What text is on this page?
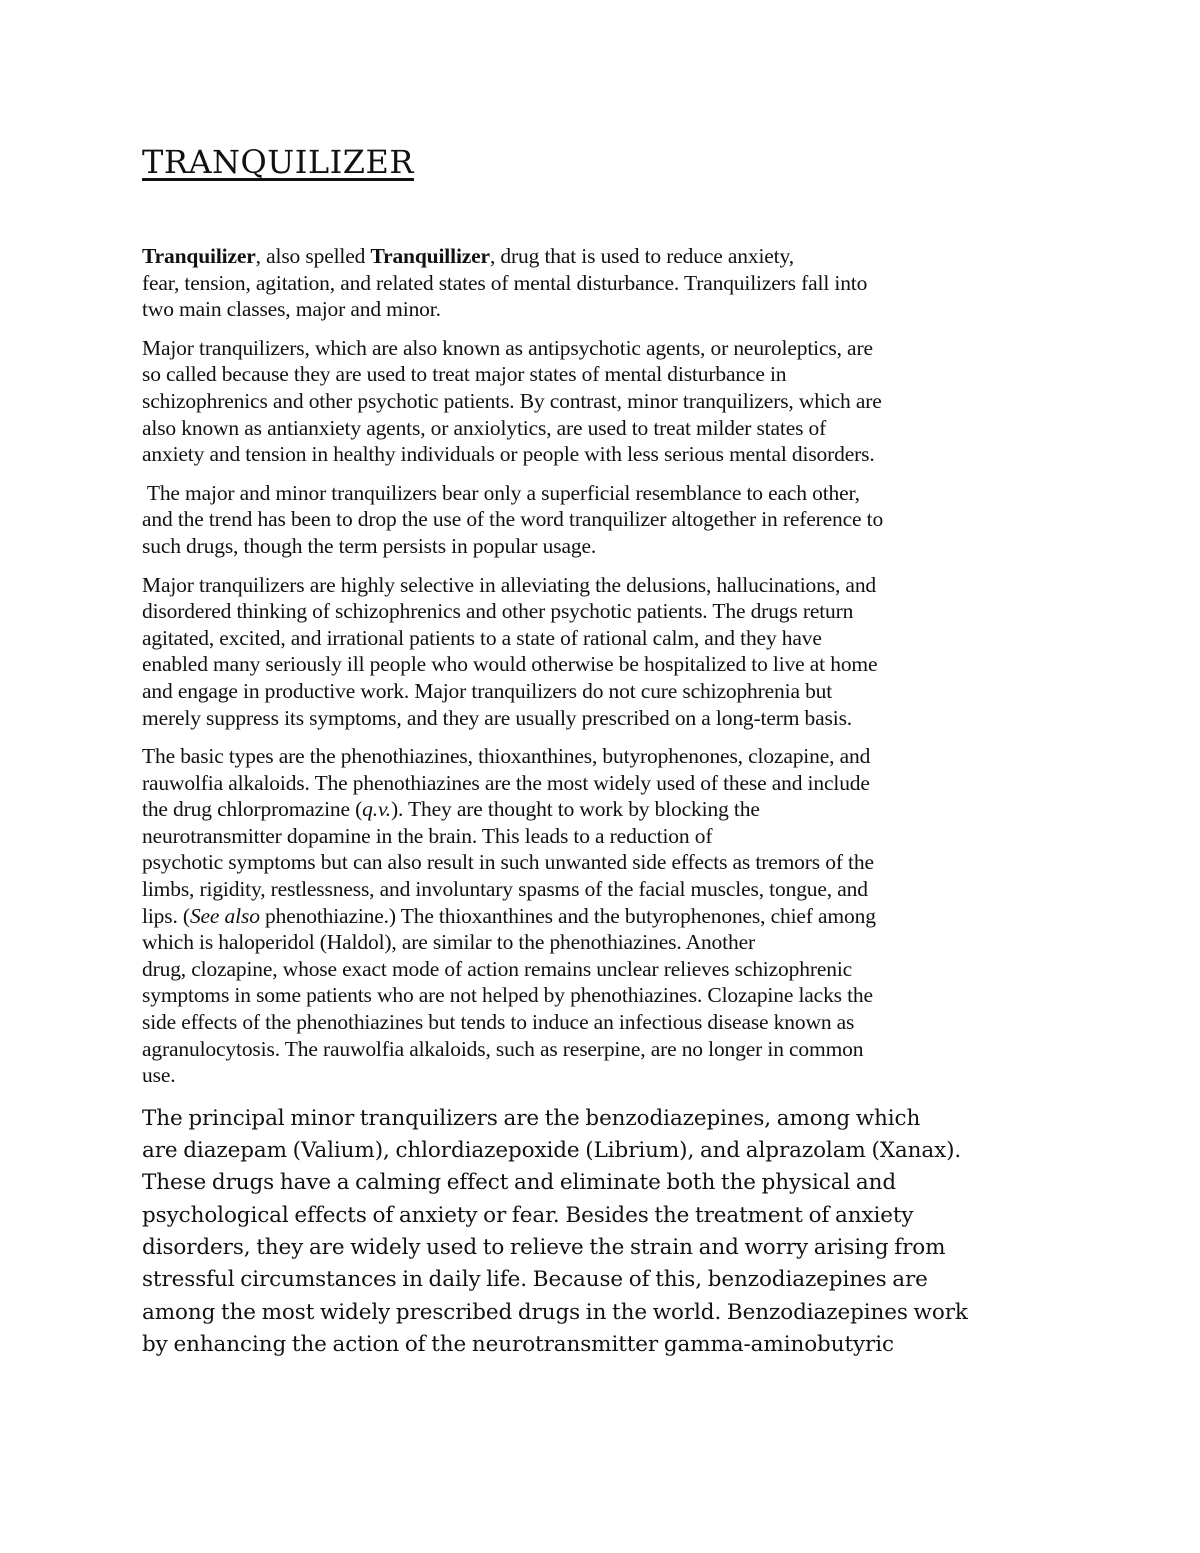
TRANQUILIZER

Tranquilizer, also spelled Tranquillizer, drug that is used to reduce anxiety,
fear, tension, agitation, and related states of mental disturbance. Tranquilizers fall into
two main classes, major and minor.

Major tranquilizers, which are also known as antipsychotic agents, or neuroleptics, are
so called because they are used to treat major states of mental disturbance in
schizophrenics and other psychotic patients. By contrast, minor tranquilizers, which are
also known as antianxiety agents, or anxiolytics, are used to treat milder states of
anxiety and tension in healthy individuals or people with less serious mental disorders.

The major and minor tranquilizers bear only a superficial resemblance to each other,
and the trend has been to drop the use of the word tranquilizer altogether in reference to
such drugs, though the term persists in popular usage.

Major tranquilizers are highly selective in alleviating the delusions, hallucinations, and
disordered thinking of schizophrenics and other psychotic patients. The drugs return
agitated, excited, and irrational patients to a state of rational calm, and they have
enabled many seriously ill people who would otherwise be hospitalized to live at home
and engage in productive work. Major tranquilizers do not cure schizophrenia but
merely suppress its symptoms, and they are usually prescribed on a long-term basis.

The basic types are the phenothiazines, thioxanthines, butyrophenones, clozapine, and
rauwolfia alkaloids. The phenothiazines are the most widely used of these and include
the drug chlorpromazine (q.v.). They are thought to work by blocking the
neurotransmitter dopamine in the brain. This leads to a reduction of
psychotic symptoms but can also result in such unwanted side effects as tremors of the
limbs, rigidity, restlessness, and involuntary spasms of the facial muscles, tongue, and
lips. (See also phenothiazine.) The thioxanthines and the butyrophenones, chief among
which is haloperidol (Haldol), are similar to the phenothiazines. Another
drug, clozapine, whose exact mode of action remains unclear relieves schizophrenic
symptoms in some patients who are not helped by phenothiazines. Clozapine lacks the
side effects of the phenothiazines but tends to induce an infectious disease known as
agranulocytosis. The rauwolfia alkaloids, such as reserpine, are no longer in common
use.

The principal minor tranquilizers are the benzodiazepines, among which
are diazepam (Valium), chlordiazepoxide (Librium), and alprazolam (Xanax).
These drugs have a calming effect and eliminate both the physical and
psychological effects of anxiety or fear. Besides the treatment of anxiety
disorders, they are widely used to relieve the strain and worry arising from
stressful circumstances in daily life. Because of this, benzodiazepines are
among the most widely prescribed drugs in the world. Benzodiazepines work
by enhancing the action of the neurotransmitter gamma-aminobutyric
